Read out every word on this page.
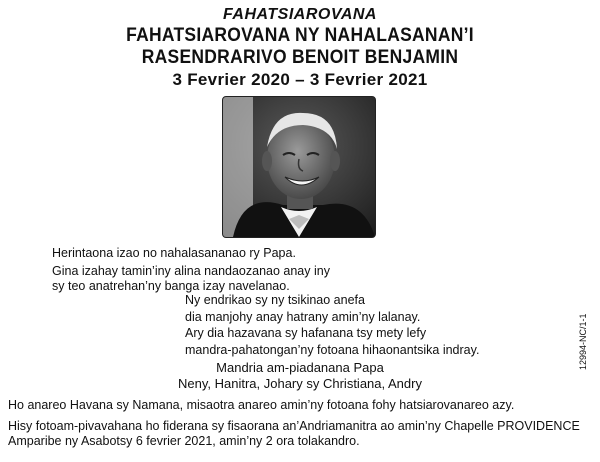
FAHATSIAROVANA
FAHATSIAROVANA NY NAHALASANAN’I RASENDRARIVO BENOIT BENJAMIN
3 Fevrier 2020 – 3 Fevrier 2021
Herintaona izao no nahalasananao ry Papa.
Gina izahay tamin’iny alina nandaozanao anay iny
sy teo anatrehan’ny banga izay navelanao.
Ny endrikao sy ny tsikinao anefa
dia manjohy anay hatrany amin’ny lalanay.
Ary dia hazavana sy hafanana tsy mety lefy
mandra-pahatongan’ny fotoana hihaonantsika indray.
Mandria am-piadanana Papa
Neny, Hanitra, Johary sy Christiana, Andry
Ho anareo Havana sy Namana, misaotra anareo amin’ny fotoana fohy hatsiarovanareo azy.
Hisy fotoam-pivavahana ho fiderana sy fisaorana an’Andriamanitra ao amin’ny Chapelle PROVIDENCE Amparibe ny Asabotsy 6 fevrier 2021, amin’ny 2 ora tolakandro.
12994-NC/1-1
